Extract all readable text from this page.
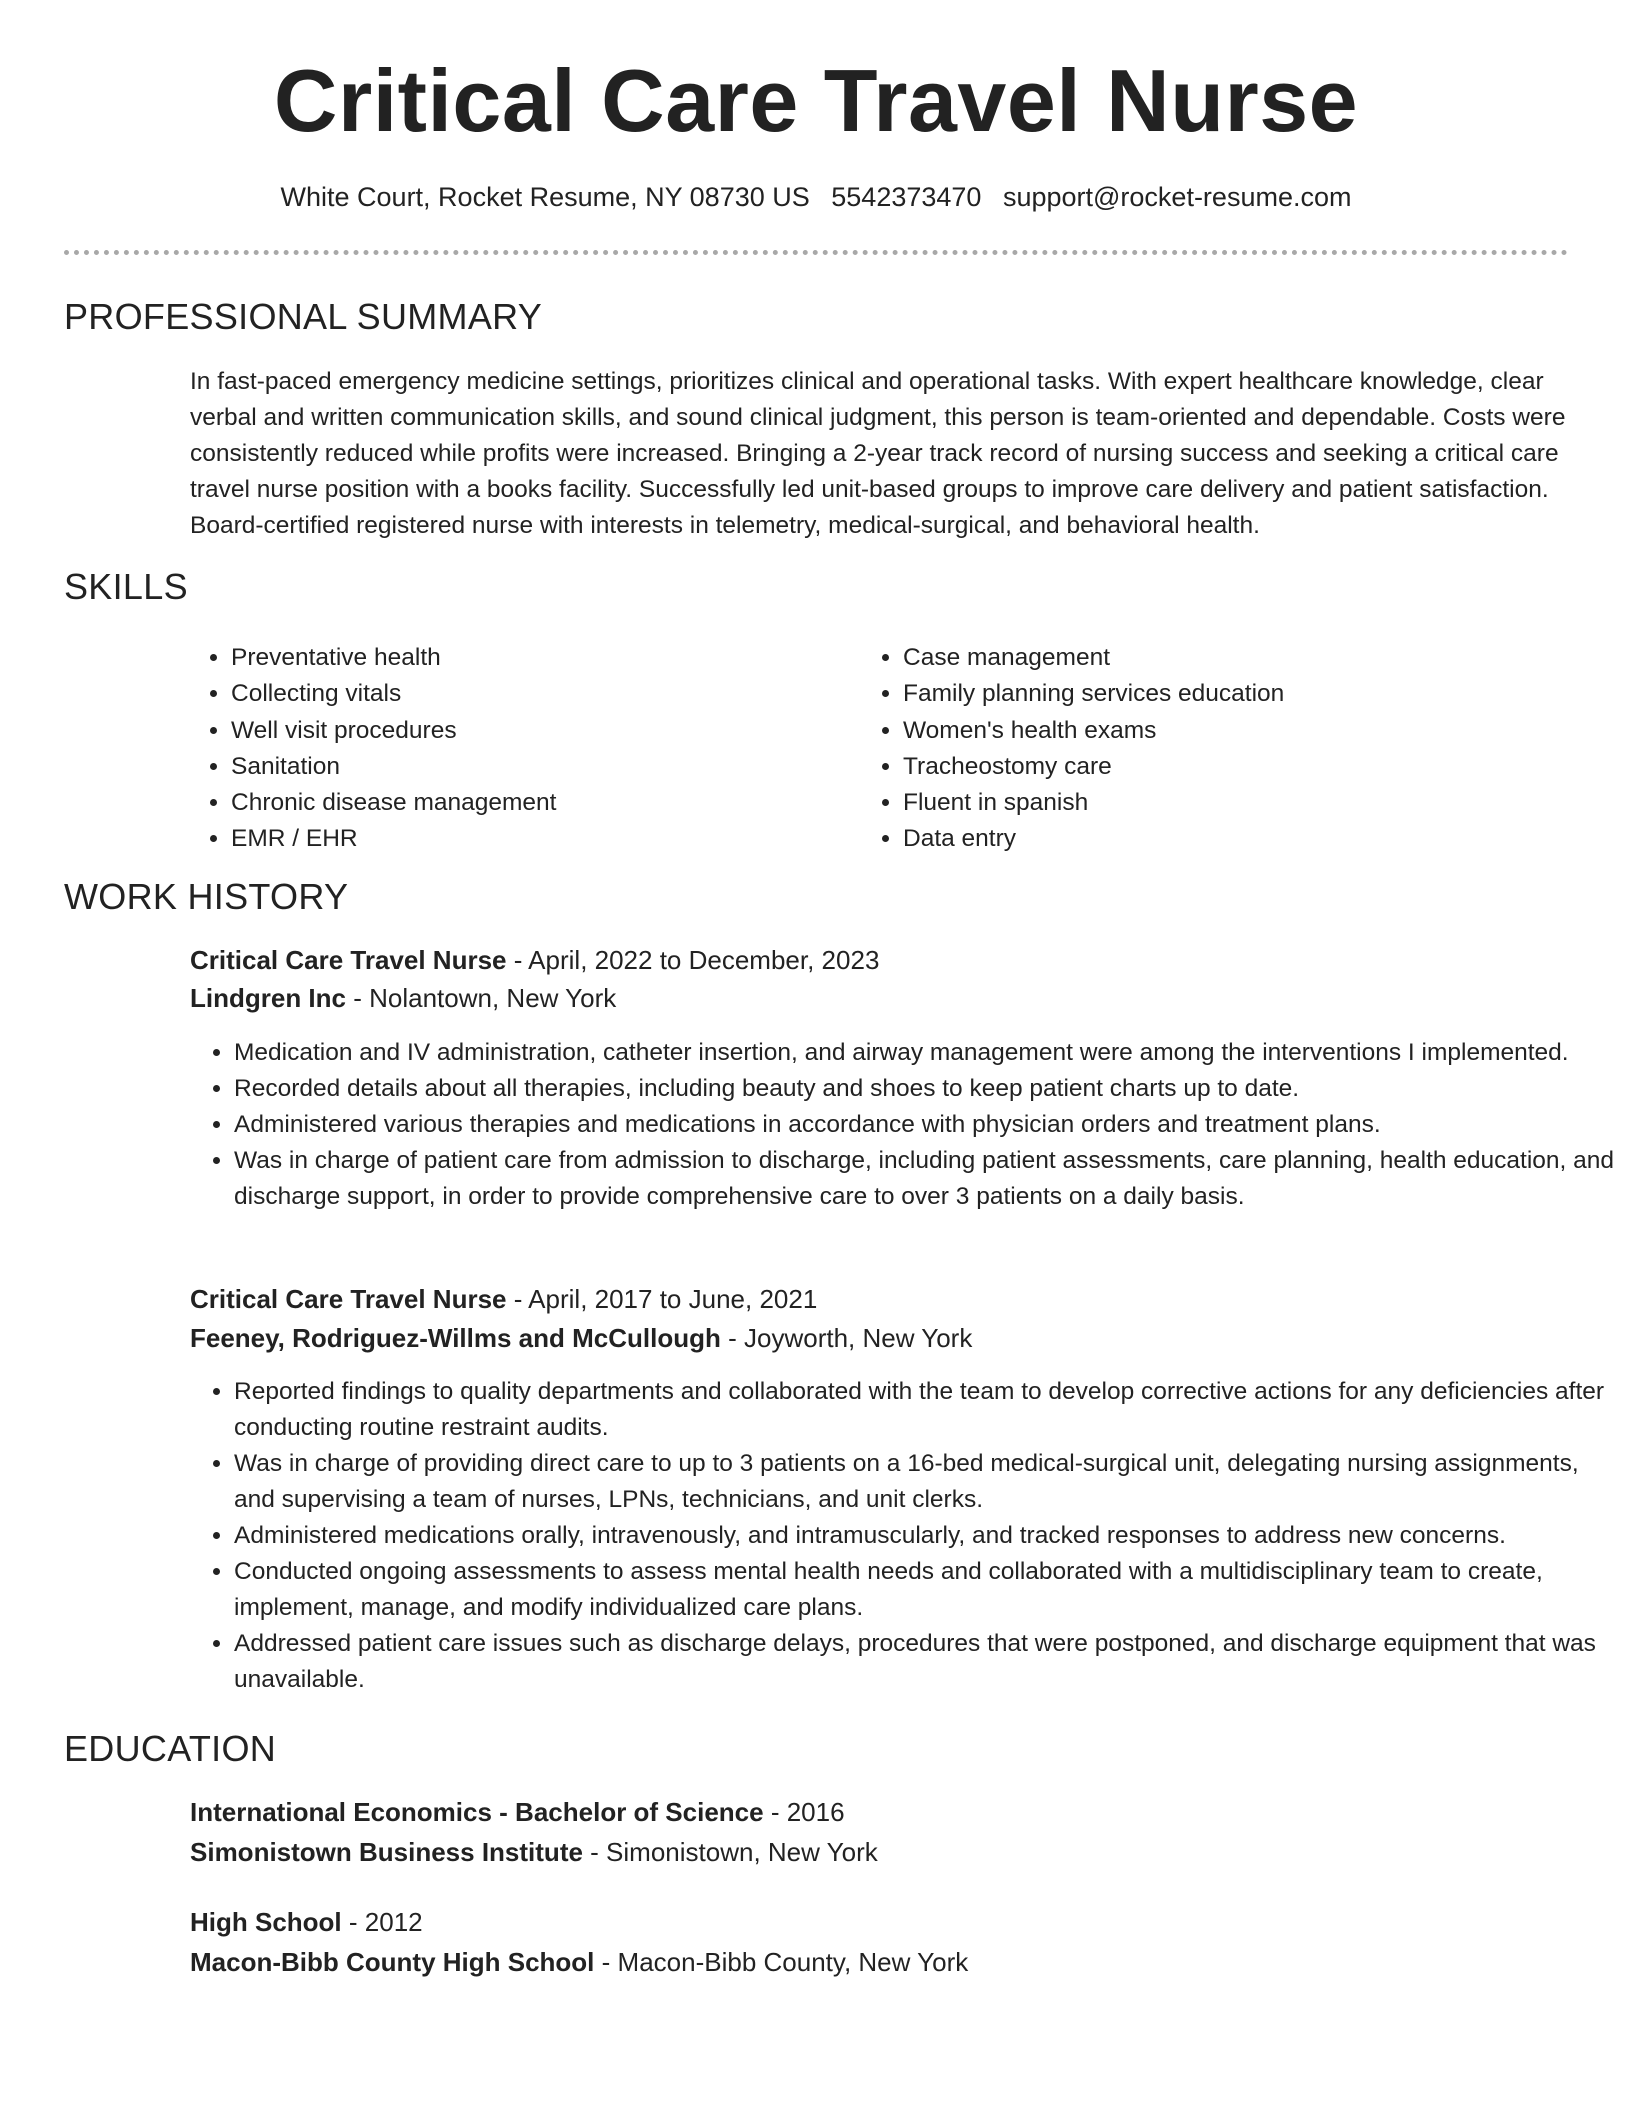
Critical Care Travel Nurse
White Court, Rocket Resume, NY 08730 US 5542373470 support@rocket-resume.com
PROFESSIONAL SUMMARY
In fast-paced emergency medicine settings, prioritizes clinical and operational tasks. With expert healthcare knowledge, clear verbal and written communication skills, and sound clinical judgment, this person is team-oriented and dependable. Costs were consistently reduced while profits were increased. Bringing a 2-year track record of nursing success and seeking a critical care travel nurse position with a books facility. Successfully led unit-based groups to improve care delivery and patient satisfaction. Board-certified registered nurse with interests in telemetry, medical-surgical, and behavioral health.
SKILLS
• Preventative health
• Collecting vitals
• Well visit procedures
• Sanitation
• Chronic disease management
• EMR / EHR
• Case management
• Family planning services education
• Women's health exams
• Tracheostomy care
• Fluent in spanish
• Data entry
WORK HISTORY
Critical Care Travel Nurse - April, 2022 to December, 2023
Lindgren Inc - Nolantown, New York
• Medication and IV administration, catheter insertion, and airway management were among the interventions I implemented.
• Recorded details about all therapies, including beauty and shoes to keep patient charts up to date.
• Administered various therapies and medications in accordance with physician orders and treatment plans.
• Was in charge of patient care from admission to discharge, including patient assessments, care planning, health education, and discharge support, in order to provide comprehensive care to over 3 patients on a daily basis.
Critical Care Travel Nurse - April, 2017 to June, 2021
Feeney, Rodriguez-Willms and McCullough - Joyworth, New York
• Reported findings to quality departments and collaborated with the team to develop corrective actions for any deficiencies after conducting routine restraint audits.
• Was in charge of providing direct care to up to 3 patients on a 16-bed medical-surgical unit, delegating nursing assignments, and supervising a team of nurses, LPNs, technicians, and unit clerks.
• Administered medications orally, intravenously, and intramuscularly, and tracked responses to address new concerns.
• Conducted ongoing assessments to assess mental health needs and collaborated with a multidisciplinary team to create, implement, manage, and modify individualized care plans.
• Addressed patient care issues such as discharge delays, procedures that were postponed, and discharge equipment that was unavailable.
EDUCATION
International Economics - Bachelor of Science - 2016
Simonistown Business Institute - Simonistown, New York
High School - 2012
Macon-Bibb County High School - Macon-Bibb County, New York
